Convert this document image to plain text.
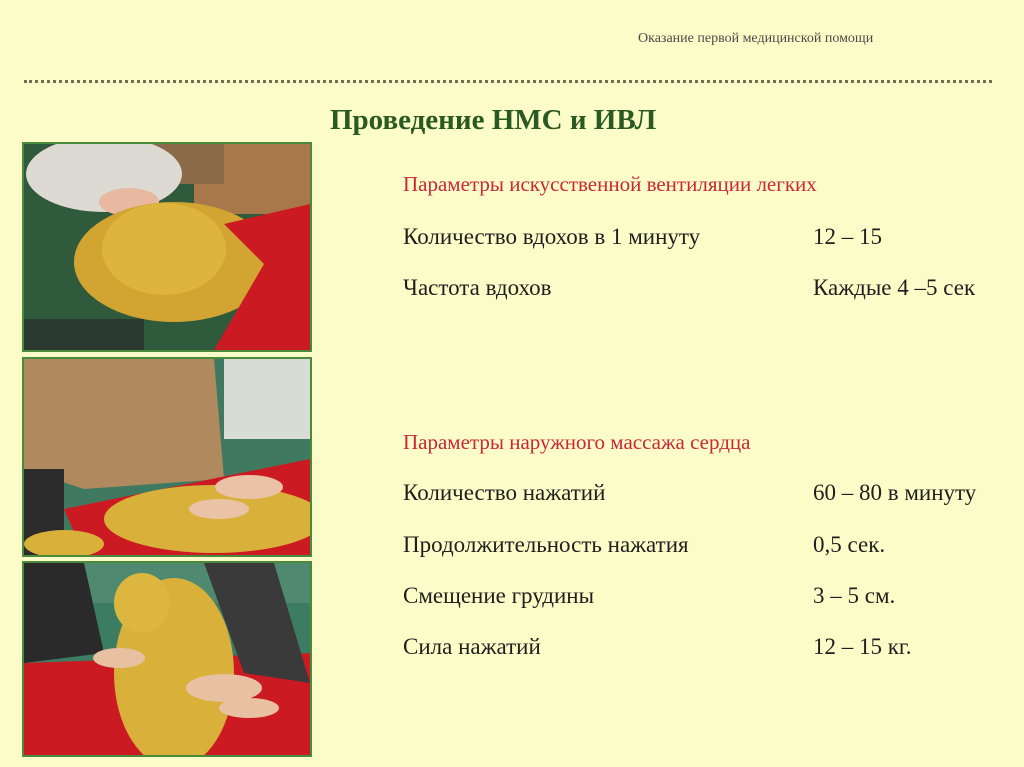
Оказание первой медицинской помощи
Проведение НМС и ИВЛ
Параметры искусственной вентиляции легких
Количество вдохов в 1 минуту	12 – 15
Частота вдохов	Каждые 4 –5 сек
Параметры наружного массажа сердца
Количество нажатий	60 – 80 в минуту
Продолжительность нажатия	0,5 сек.
Смещение грудины	3 – 5 см.
Сила нажатий	12 – 15 кг.
